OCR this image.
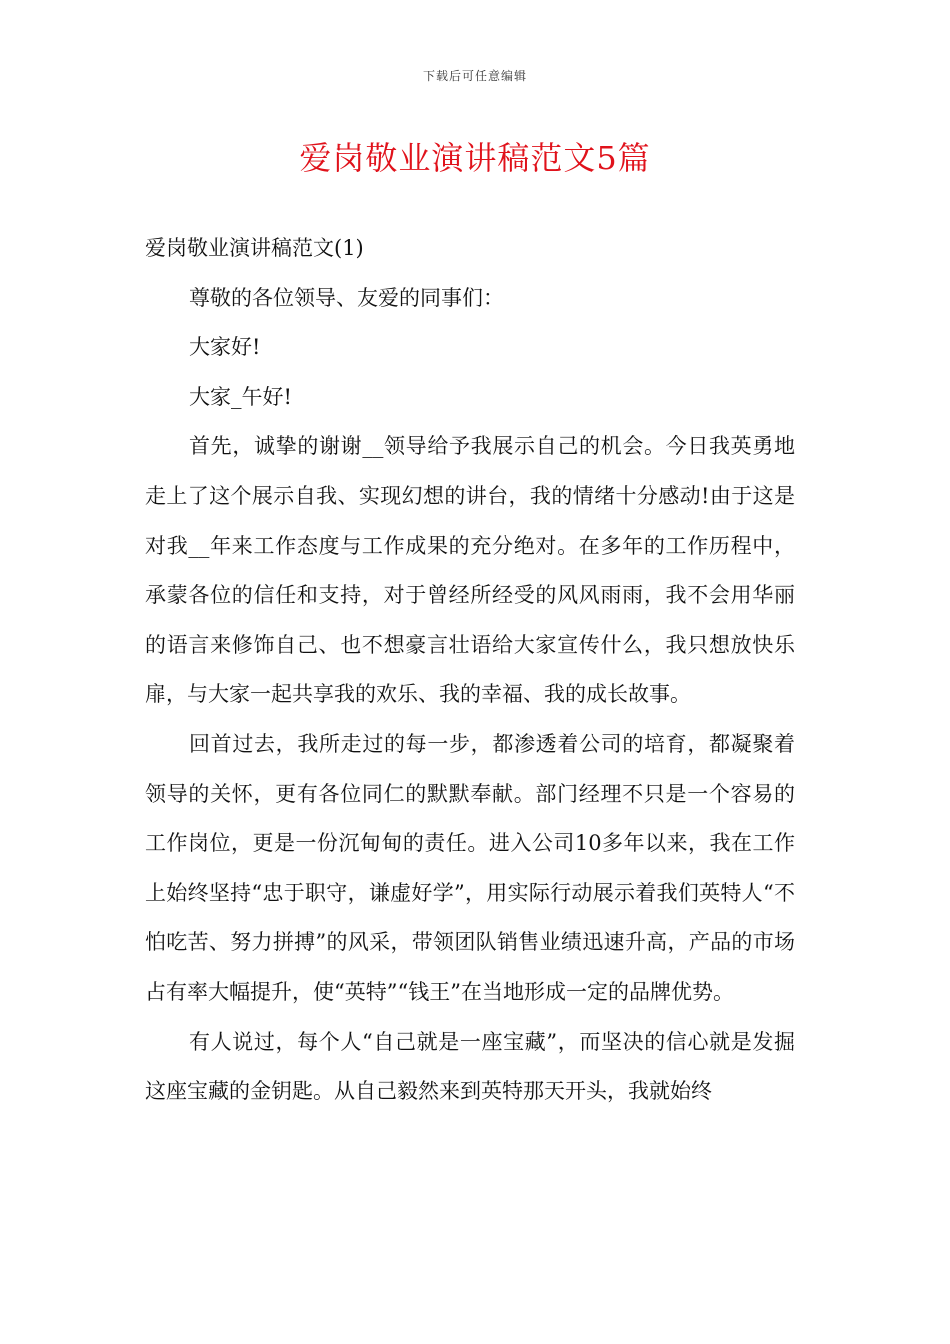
下载后可任意编辑
爱岗敬业演讲稿范文5篇

爱岗敬业演讲稿范文(1)

尊敬的各位领导、友爱的同事们：

大家好!

大家_午好!

首先，诚挚的谢谢__领导给予我展示自己的机会。今日我英勇地走上了这个展示自我、实现幻想的讲台，我的情绪十分感动!由于这是对我__年来工作态度与工作成果的充分绝对。在多年的工作历程中，承蒙各位的信任和支持，对于曾经所经受的风风雨雨，我不会用华丽的语言来修饰自己、也不想豪言壮语给大家宣传什么，我只想放快乐扉，与大家一起共享我的欢乐、我的幸福、我的成长故事。

回首过去，我所走过的每一步，都渗透着公司的培育，都凝聚着领导的关怀，更有各位同仁的默默奉献。部门经理不只是一个容易的工作岗位，更是一份沉甸甸的责任。进入公司10多年以来，我在工作上始终坚持“忠于职守，谦虚好学”，用实际行动展示着我们英特人“不怕吃苦、努力拼搏”的风采，带领团队销售业绩迅速升高，产品的市场占有率大幅提升，使“英特”“钱王”在当地形成一定的品牌优势。

有人说过，每个人“自己就是一座宝藏”，而坚决的信心就是发掘这座宝藏的金钥匙。从自己毅然来到英特那天开头，我就始终
